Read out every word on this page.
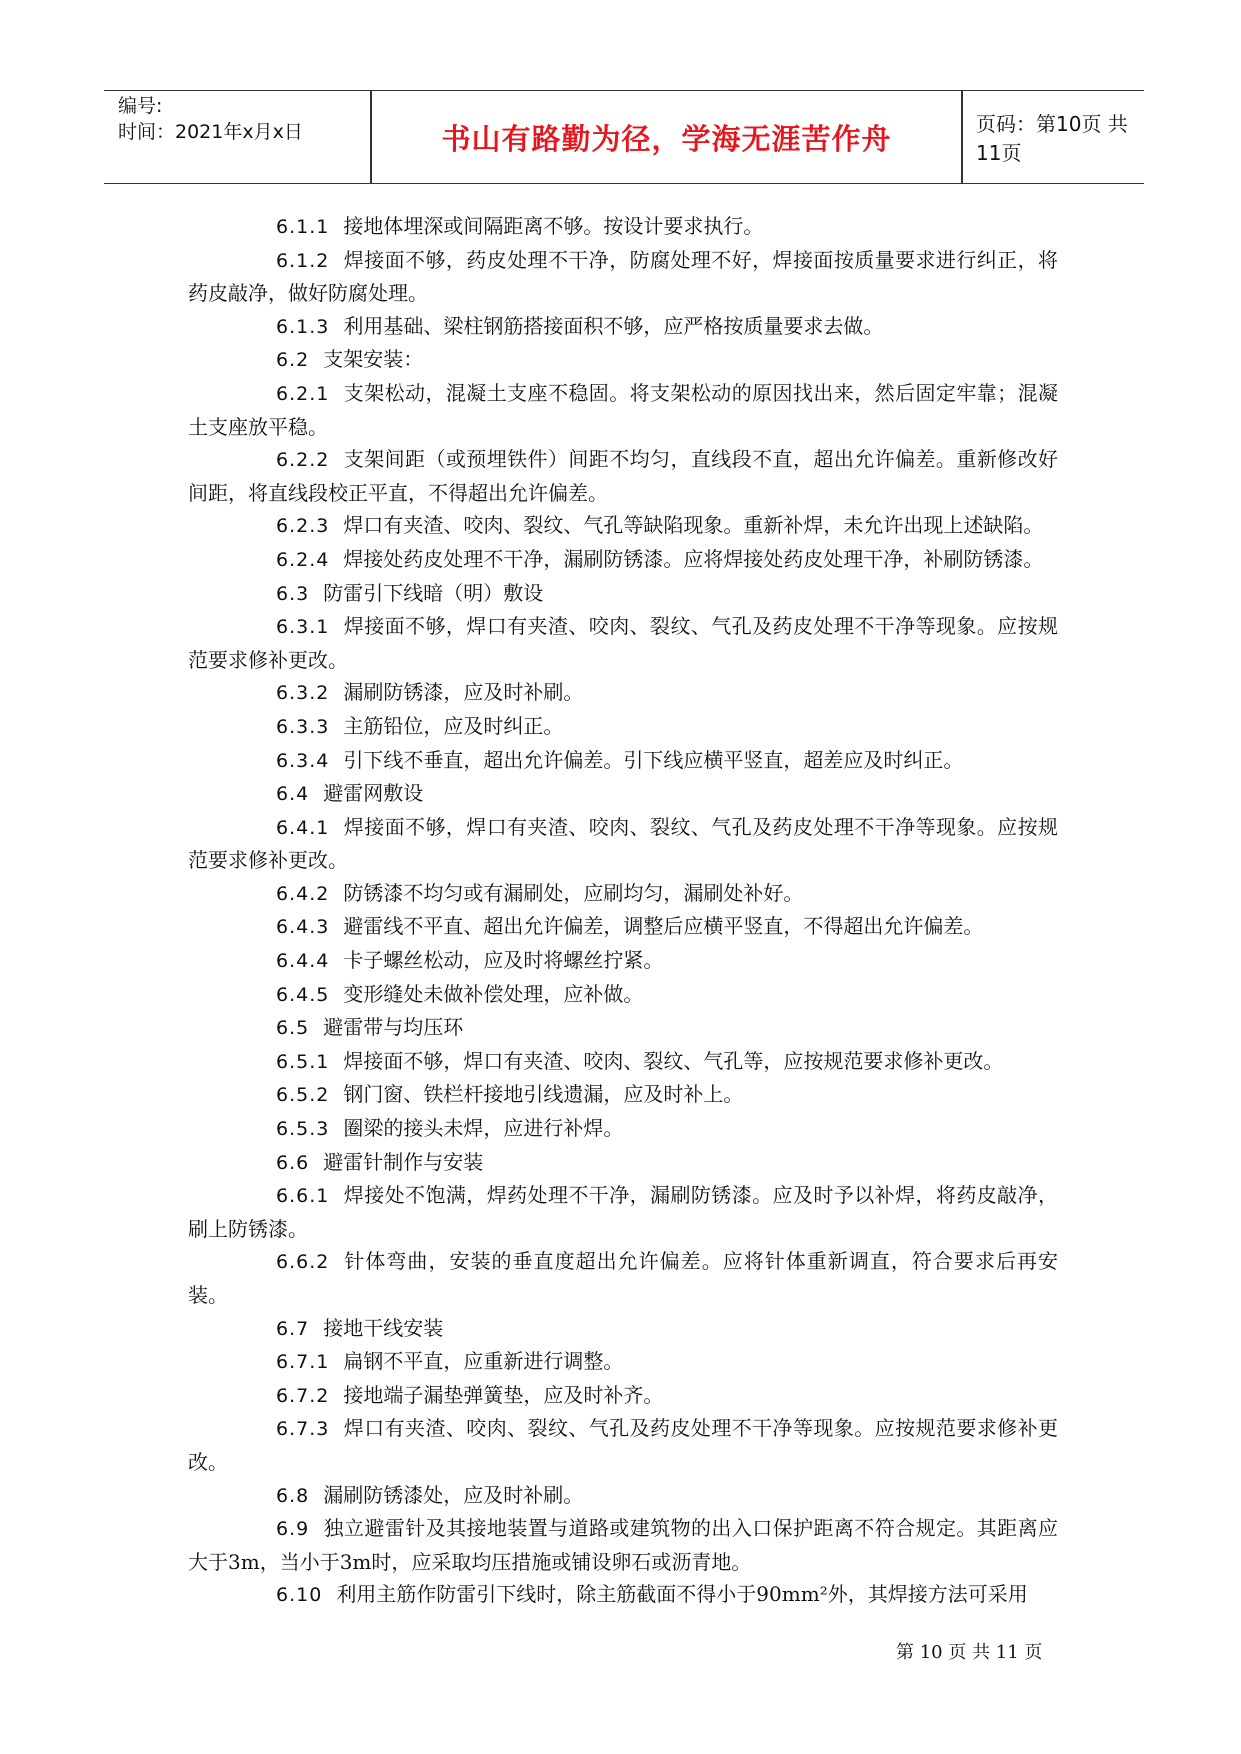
编号:
时间：2021年x月x日	书山有路勤为径，学海无涯苦作舟	页码：第10页 共11页

6.1.1 接地体埋深或间隔距离不够。按设计要求执行。

6.1.2 焊接面不够，药皮处理不干净，防腐处理不好，焊接面按质量要求进行纠正，将药皮敲净，做好防腐处理。

6.1.3 利用基础、梁柱钢筋搭接面积不够，应严格按质量要求去做。

6.2 支架安装：

6.2.1 支架松动，混凝土支座不稳固。将支架松动的原因找出来，然后固定牢靠；混凝土支座放平稳。

6.2.2 支架间距（或预埋铁件）间距不均匀，直线段不直，超出允许偏差。重新修改好间距，将直线段校正平直，不得超出允许偏差。

6.2.3 焊口有夹渣、咬肉、裂纹、气孔等缺陷现象。重新补焊，未允许出现上述缺陷。

6.2.4 焊接处药皮处理不干净，漏刷防锈漆。应将焊接处药皮处理干净，补刷防锈漆。

6.3 防雷引下线暗（明）敷设

6.3.1 焊接面不够，焊口有夹渣、咬肉、裂纹、气孔及药皮处理不干净等现象。应按规范要求修补更改。

6.3.2 漏刷防锈漆，应及时补刷。

6.3.3 主筋铅位，应及时纠正。

6.3.4 引下线不垂直，超出允许偏差。引下线应横平竖直，超差应及时纠正。

6.4 避雷网敷设

6.4.1 焊接面不够，焊口有夹渣、咬肉、裂纹、气孔及药皮处理不干净等现象。应按规范要求修补更改。

6.4.2 防锈漆不均匀或有漏刷处，应刷均匀，漏刷处补好。

6.4.3 避雷线不平直、超出允许偏差，调整后应横平竖直，不得超出允许偏差。

6.4.4 卡子螺丝松动，应及时将螺丝拧紧。

6.4.5 变形缝处未做补偿处理，应补做。

6.5 避雷带与均压环

6.5.1 焊接面不够，焊口有夹渣、咬肉、裂纹、气孔等，应按规范要求修补更改。

6.5.2 钢门窗、铁栏杆接地引线遗漏，应及时补上。

6.5.3 圈梁的接头未焊，应进行补焊。

6.6 避雷针制作与安装

6.6.1 焊接处不饱满，焊药处理不干净，漏刷防锈漆。应及时予以补焊，将药皮敲净，刷上防锈漆。

6.6.2 针体弯曲，安装的垂直度超出允许偏差。应将针体重新调直，符合要求后再安装。

6.7 接地干线安装

6.7.1 扁钢不平直，应重新进行调整。

6.7.2 接地端子漏垫弹簧垫，应及时补齐。

6.7.3 焊口有夹渣、咬肉、裂纹、气孔及药皮处理不干净等现象。应按规范要求修补更改。

6.8 漏刷防锈漆处，应及时补刷。

6.9 独立避雷针及其接地装置与道路或建筑物的出入口保护距离不符合规定。其距离应大于3m，当小于3m时，应采取均压措施或铺设卵石或沥青地。

6.10 利用主筋作防雷引下线时，除主筋截面不得小于90mm²外，其焊接方法可采用

第 10 页 共 11 页
